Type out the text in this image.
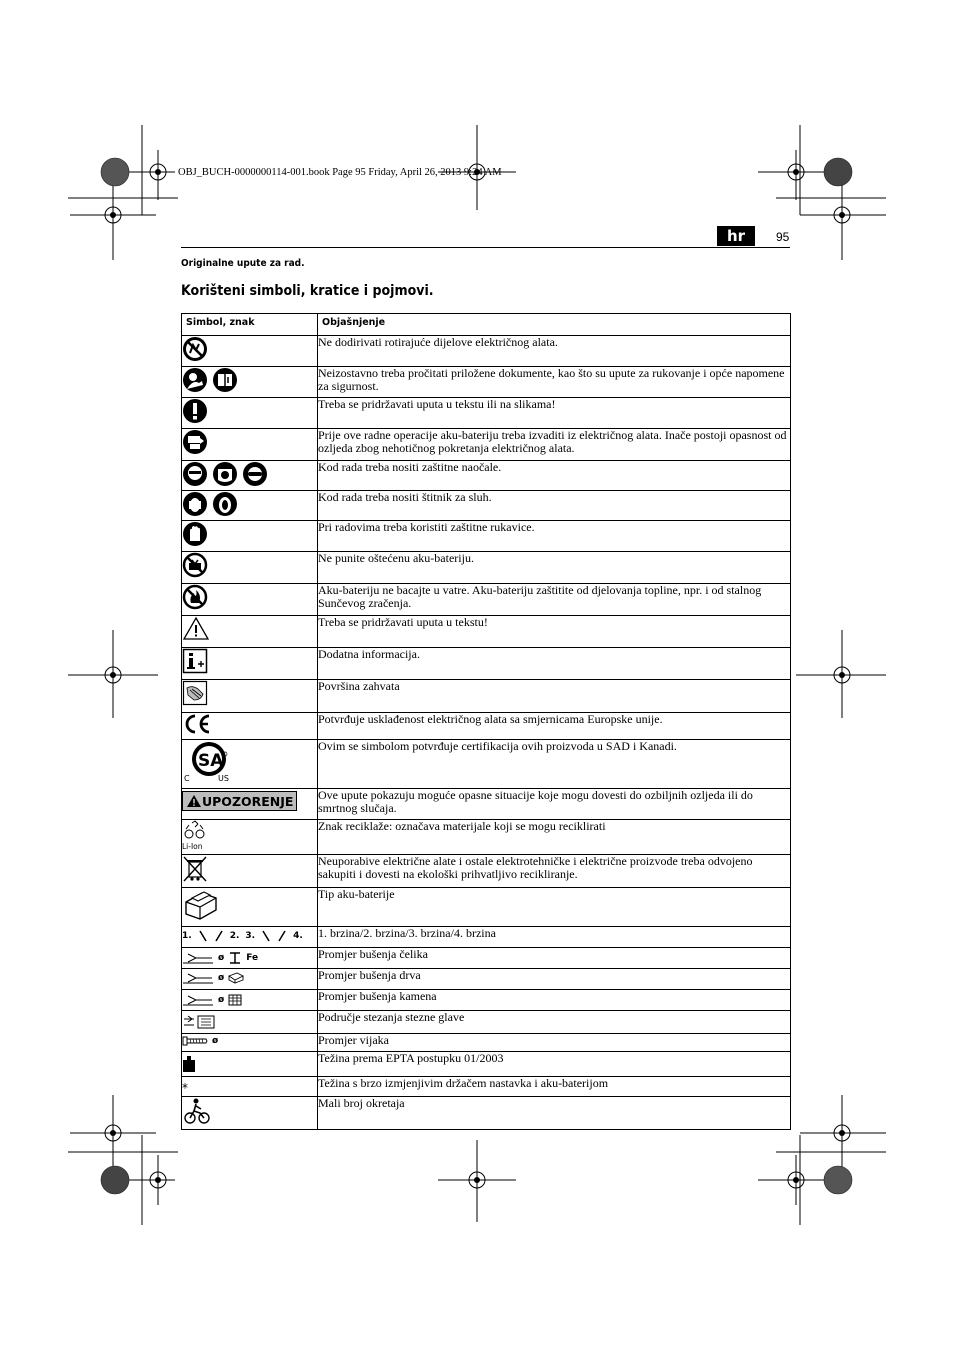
OBJ_BUCH-0000000114-001.book Page 95 Friday, April 26, 2013 9:24 AM
hr	95
Originalne upute za rad.
Korišteni simboli, kratice i pojmovi.
Simbol, znak	Objašnjenje
	Ne dodirivati rotirajuće dijelove električnog alata.

	Neizostavno treba pročitati priložene dokumente, kao što su upute za rukovanje i opće napomene za sigurnost.
	Treba se pridržavati uputa u tekstu ili na slikama!
	Prije ove radne operacije aku-bateriju treba izvaditi iz električnog alata. Inače postoji opasnost od ozljeda zbog nehotičnog pokretanja električnog alata.

	Kod rada treba nositi zaštitne naočale.

	Kod rada treba nositi štitnik za sluh.
	Pri radovima treba koristiti zaštitne rukavice.
	Ne punite oštećenu aku-bateriju.
	Aku-bateriju ne bacajte u vatre. Aku-bateriju zaštitite od djelovanja topline, npr. i od stalnog Sunčevog zračenja.
	Treba se pridržavati uputa u tekstu!
	Dodatna informacija.
	Površina zahvata
	Potvrđuje usklađenost električnog alata sa smjernicama Europske unije.

SA
C US	Ovim se simbolom potvrđuje certifikacija ovih proizvoda u SAD i Kanadi.

UPOZORENJE	Ove upute pokazuju moguće opasne situacije koje mogu dovesti do ozbiljnih ozljeda ili do smrtnog slučaja.

Li-Ion	Znak reciklaže: označava materijale koji se mogu reciklirati
	Neuporabive električne alate i ostale elektrotehničke i električne proizvode treba odvojeno sakupiti i dovesti na ekološki prihvatljivo recikliranje.
	Tip aku-baterije

1. 2. 3. 4.	1. brzina/2. brzina/3. brzina/4. brzina

ø Fe	Promjer bušenja čelika

ø	Promjer bušenja drva

ø	Promjer bušenja kamena
	Područje stezanja stezne glave

ø	Promjer vijaka
	Težina prema EPTA postupku 01/2003
*	Težina s brzo izmjenjivim držačem nastavka i aku-baterijom
	Mali broj okretaja
